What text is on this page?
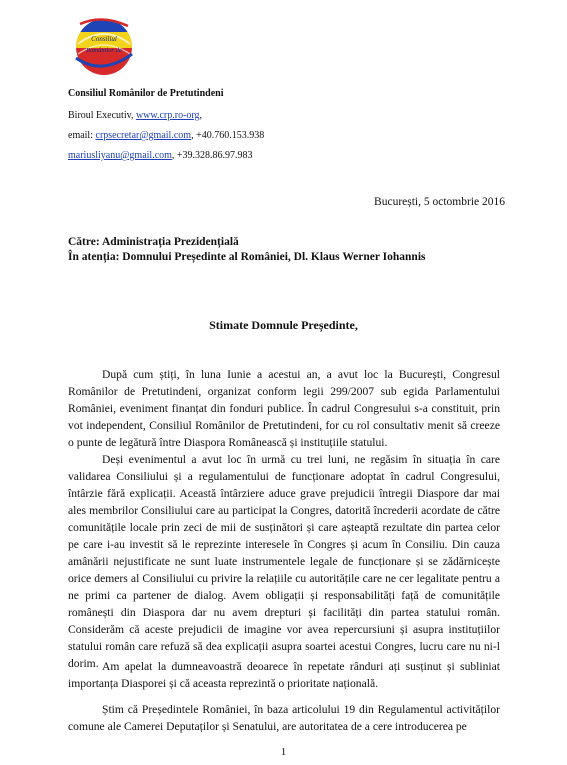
Consiliul
Românilor de
Consiliul Românilor de Pretutindeni
Biroul Executiv, www.crp.ro-org,
email: crpsecretar@gmail.com, +40.760.153.938
mariusliyanu@gmail.com, +39.328.86.97.983
București, 5 octombrie 2016
Către: Administrația Prezidențială
În atenția: Domnului Președinte al României, Dl. Klaus Werner Iohannis
Stimate Domnule Președinte,

După cum știți, în luna Iunie a acestui an, a avut loc la București, Congresul Românilor de Pretutindeni, organizat conform legii 299/2007 sub egida Parlamentului României, eveniment finanțat din fonduri publice. În cadrul Congresului s-a constituit, prin vot independent, Consiliul Românilor de Pretutindeni, for cu rol consultativ menit să creeze o punte de legătură între Diaspora Românească și instituțiile statului.

Deși evenimentul a avut loc în urmă cu trei luni, ne regăsim în situația în care validarea Consiliului și a regulamentului de funcționare adoptat în cadrul Congresului, întârzie fără explicații. Această întârziere aduce grave prejudicii întregii Diaspore dar mai ales membrilor Consiliului care au participat la Congres, datorită încrederii acordate de către comunitățile locale prin zeci de mii de susținători și care așteaptă rezultate din partea celor pe care i-au investit să le reprezinte interesele în Congres și acum în Consiliu. Din cauza amânării nejustificate ne sunt luate instrumentele legale de funcționare și se zădărnicește orice demers al Consiliului cu privire la relațiile cu autoritățile care ne cer legalitate pentru a ne primi ca partener de dialog. Avem obligații și responsabilități față de comunitățile românești din Diaspora dar nu avem drepturi și facilități din partea statului român. Considerăm că aceste prejudicii de imagine vor avea repercursiuni și asupra instituțiilor statului român care refuză să dea explicații asupra soartei acestui Congres, lucru care nu ni-l dorim. Am apelat la dumneavoastră deoarece în repetate rânduri ați susținut și subliniat importanța Diasporei și că aceasta reprezintă o prioritate națională.

Știm că Președintele României, în baza articolului 19 din Regulamentul activităților comune ale Camerei Deputaților și Senatului, are autoritatea de a cere introducerea pe

1
